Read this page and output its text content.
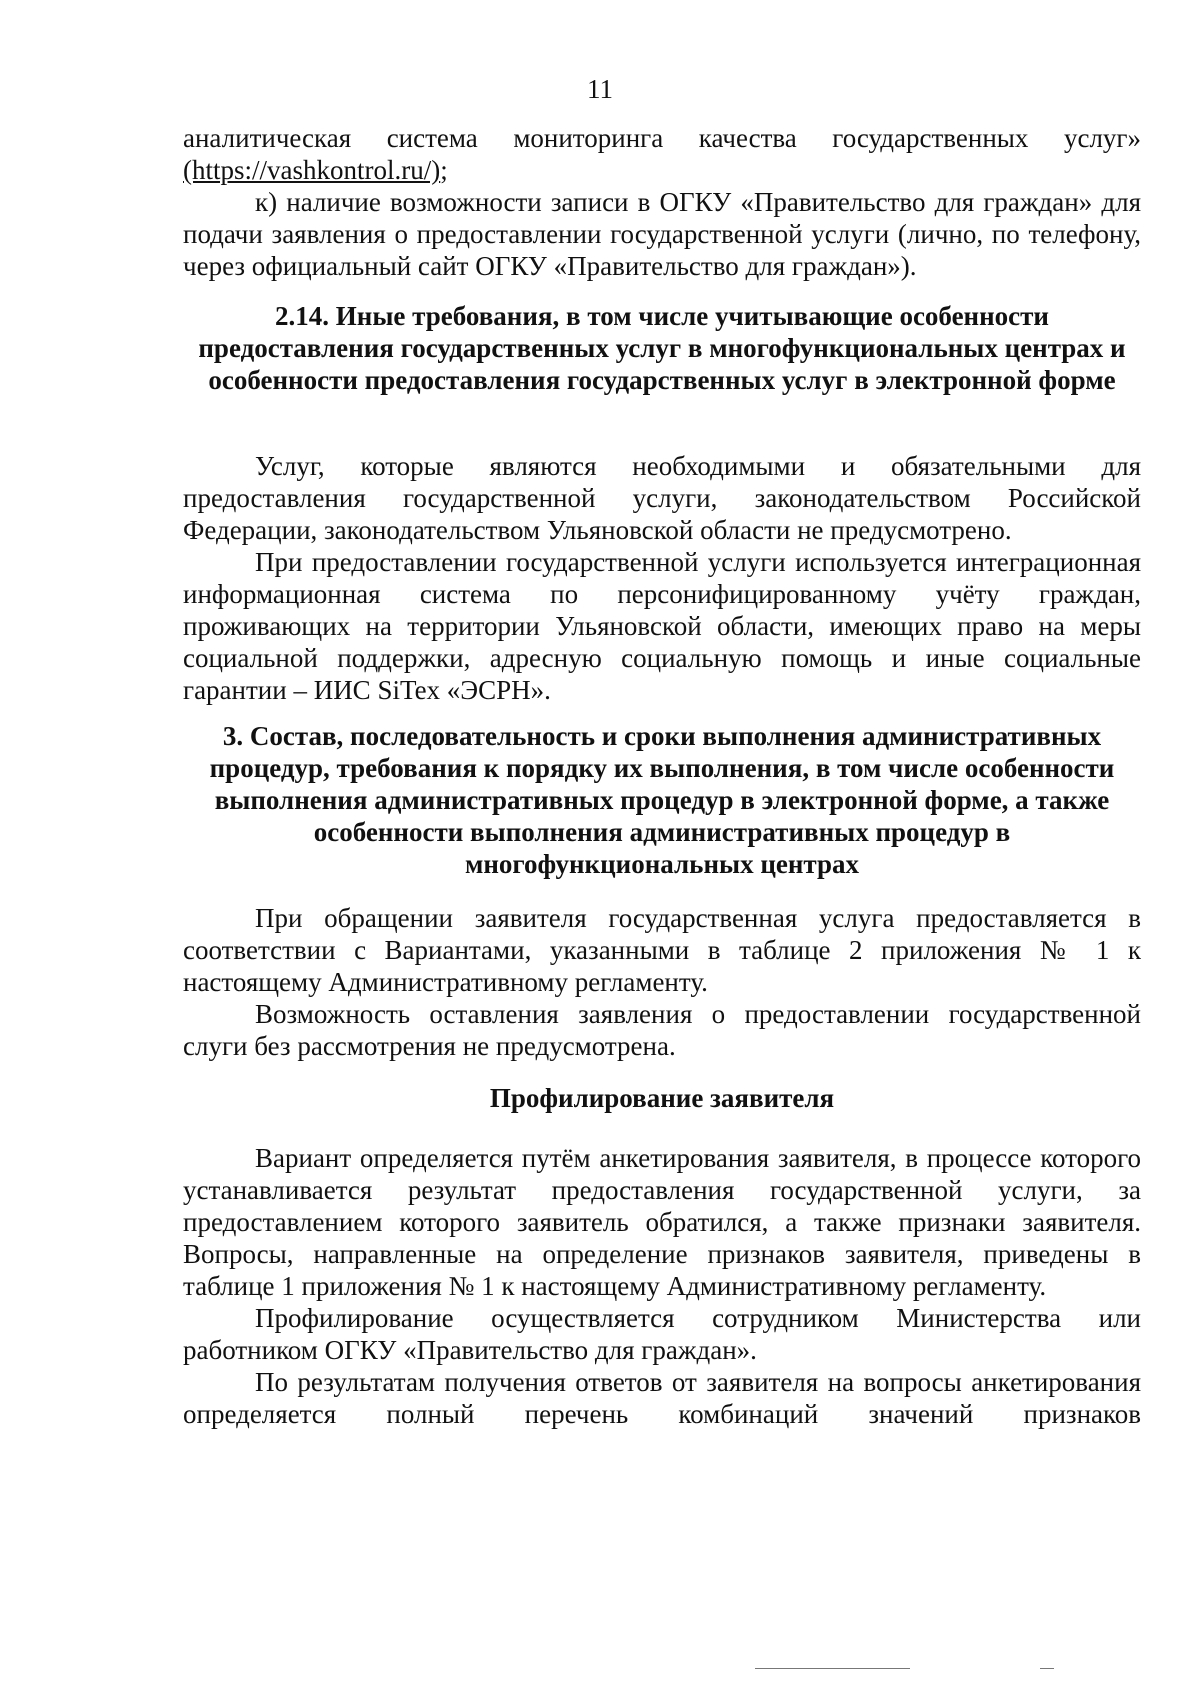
11
аналитическая система мониторинга качества государственных услуг»
(https://vashkontrol.ru/);
к) наличие возможности записи в ОГКУ «Правительство для граждан» для подачи заявления о предоставлении государственной услуги (лично, по телефону, через официальный сайт ОГКУ «Правительство для граждан»).
2.14. Иные требования, в том числе учитывающие особенности предоставления государственных услуг в многофункциональных центрах и особенности предоставления государственных услуг в электронной форме
Услуг, которые являются необходимыми и обязательными для предоставления государственной услуги, законодательством Российской Федерации, законодательством Ульяновской области не предусмотрено.
При предоставлении государственной услуги используется интеграционная информационная система по персонифицированному учёту граждан, проживающих на территории Ульяновской области, имеющих право на меры социальной поддержки, адресную социальную помощь и иные социальные гарантии – ИИС SiTex «ЭСРН».
3. Состав, последовательность и сроки выполнения административных процедур, требования к порядку их выполнения, в том числе особенности выполнения административных процедур в электронной форме, а также особенности выполнения административных процедур в многофункциональных центрах
При обращении заявителя государственная услуга предоставляется в соответствии с Вариантами, указанными в таблице 2 приложения № 1 к настоящему Административному регламенту.
Возможность оставления заявления о предоставлении государственной слуги без рассмотрения не предусмотрена.
Профилирование заявителя
Вариант определяется путём анкетирования заявителя, в процессе которого устанавливается результат предоставления государственной услуги, за предоставлением которого заявитель обратился, а также признаки заявителя. Вопросы, направленные на определение признаков заявителя, приведены в таблице 1 приложения № 1 к настоящему Административному регламенту.
Профилирование осуществляется сотрудником Министерства или работником ОГКУ «Правительство для граждан».
По результатам получения ответов от заявителя на вопросы анкетирования определяется полный перечень комбинаций значений признаков
